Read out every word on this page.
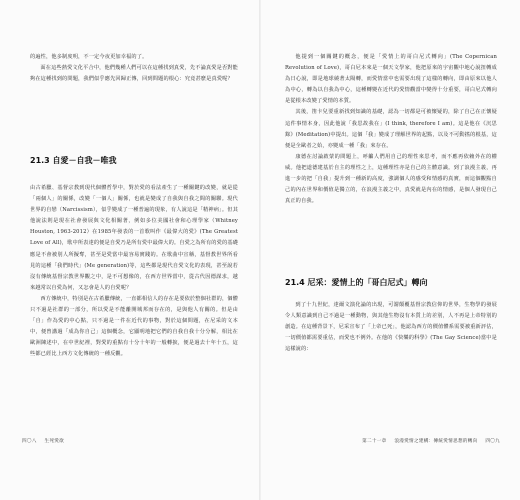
的遍性，他多制度明，不一定今夜更加幸福的了。

面在這些熱愛文化平合中，他們幾種人們可以在這種找到真愛，先不論真愛是否對能夠在這種找到的問題，我們似乎應先回歸正傳，回到問題的根心：究竟甚麼是真愛呢？

21.3 自愛－自我－唯我

由古希臘、基督宗教到現代個體哲學中，對於愛的看法產生了一種關鍵的改變，就是從「兩個人」的關係，改變「一個人」關係，也就是變成了自我與自我之間的關聯。現代世界的自戀（Narcissism），似乎變成了一種普遍的現象，有人說這是「精神病」。但其他說法則是現在社會發展與文化相關著，例如多位美國社會和心理學家（Whitney Houston, 1963-2012）在1985年發表的一首歌叫作《最偉大的愛》(The Greatest Love of All)，歌中所表達的便是自愛乃是所有愛中最偉大的。自愛之為所有的愛的基礎應是不會被別人所擬奪，甚至是愛當中最容易實踐的。在歌曲中宣稱，基督教世界所看見的這種「我們時代」(Me generation)等，這些都是現代自愛文化的表現，甚至說若沒有傳統基督宗教世界觀之中，是不可想像的，在西方世界當中，從古代因德謀求，越來越常以自愛為何，又怎會是人的自愛呢？

西方傳統中，特別是在古希臘傳統，一直都相信人的存在是要依於整個社群的，個體只不過是社群的一部分，所以愛是不能離開城邦而存在的，是與他人有關的。但是由「自」作為愛的中心點，只不過是一件在近代的事物，對於這個問題，在尼采的文本中，便曾講過「成為你自己」這個概念，它顯明地把它們的自我自我十分分解，相比在歐洲陳述中，在中世紀裡，對愛的重點有十分十年的一般轉捩，便是過去十年十五，這些都已經比上西方文化傳統的一種反觀。

四〇八 生死愛欲

他提到一個關鍵的概念，便是「愛情上的哥白尼式轉向」(The Copernican Revolution of Love)，哥白尼本來是一個天文學家，他把原來的宇宙觀中地心說扭轉成為日心說，即是地球繞著太陽轉，而愛情當中也需要出現了這樣的轉向，即由原來以他人為中心，轉為以自我為中心，這種轉變在近代的愛情觀當中變得十分重要，哥白尼式轉向是從根本改變了愛情的本質。

其後，笛卡兒要重新找到知識的基礎，認為一切都是可被懷疑的，除了自己在正懷疑這件事情本身，因此他說「我思故我在」(I think, therefore I am)。這是他在《沉思錄》(Meditation)中提出。這個「我」變成了理解世界的起點，以及不可動搖的根基，這便是全歐者之始，亦變成一種「我」來存在。

康德在討論啟蒙的問題上，呼籲人們用自己的理性來思考，而不應再依賴外在的權威。他把道德建基於自主的理性之上，這種理性亦是自己的主體意識。到了浪漫主義，再進一步的把「自我」提升到一種新的高度，強調個人的感受和情感的真實，而這個觀點自己的內在世界和價值是獨立的，在浪漫主義之中，真愛就是內在的情感，是個人發現自己真正的自我。

21.4 尼采：愛情上的「哥白尼式」轉向

到了十九世紀，達爾文演化論的出現，可謂顛覆基督宗教信仰的世界，生物學的發展令人類意識到自己不過是一種動物，與其他生物沒有本質上的差別，人不再是上帝特別的創造。在這種背景下，尼采宣布了「上帝已死」，他認為西方的價值體系需要被重新評估，一切價值都需要重估，而愛也不例外。在他的《快樂的科學》(The Gay Science)當中是這樣說的：

第二十一章 浪漫愛情之建構：傳統愛情思想的轉向 四〇九
